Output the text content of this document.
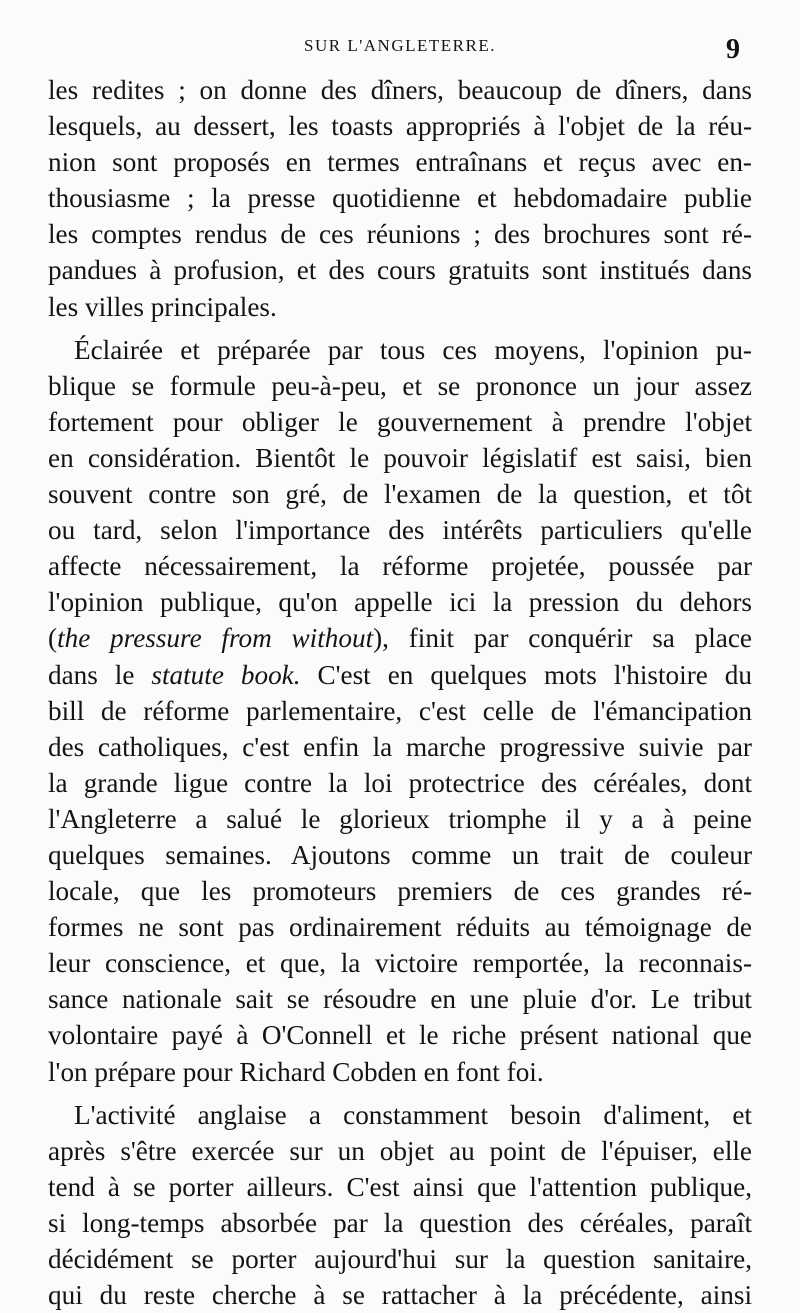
SUR L'ANGLETERRE.	9
les redites ; on donne des dîners, beaucoup de dîners, dans
lesquels, au dessert, les toasts appropriés à l'objet de la réu-
nion sont proposés en termes entraînans et reçus avec en-
thousiasme ; la presse quotidienne et hebdomadaire publie
les comptes rendus de ces réunions ; des brochures sont ré-
pandues à profusion, et des cours gratuits sont institués dans
les villes principales.
Éclairée et préparée par tous ces moyens, l'opinion pu-
blique se formule peu-à-peu, et se prononce un jour assez
fortement pour obliger le gouvernement à prendre l'objet
en considération. Bientôt le pouvoir législatif est saisi, bien
souvent contre son gré, de l'examen de la question, et tôt
ou tard, selon l'importance des intérêts particuliers qu'elle
affecte nécessairement, la réforme projetée, poussée par
l'opinion publique, qu'on appelle ici la pression du dehors
(the pressure from without), finit par conquérir sa place
dans le statute book. C'est en quelques mots l'histoire du
bill de réforme parlementaire, c'est celle de l'émancipation
des catholiques, c'est enfin la marche progressive suivie par
la grande ligue contre la loi protectrice des céréales, dont
l'Angleterre a salué le glorieux triomphe il y a à peine
quelques semaines. Ajoutons comme un trait de couleur
locale, que les promoteurs premiers de ces grandes ré-
formes ne sont pas ordinairement réduits au témoignage de
leur conscience, et que, la victoire remportée, la reconnais-
sance nationale sait se résoudre en une pluie d'or. Le tribut
volontaire payé à O'Connell et le riche présent national que
l'on prépare pour Richard Cobden en font foi.
L'activité anglaise a constamment besoin d'aliment, et
après s'être exercée sur un objet au point de l'épuiser, elle
tend à se porter ailleurs. C'est ainsi que l'attention publique,
si long-temps absorbée par la question des céréales, paraît
décidément se porter aujourd'hui sur la question sanitaire,
qui du reste cherche à se rattacher à la précédente, ainsi
